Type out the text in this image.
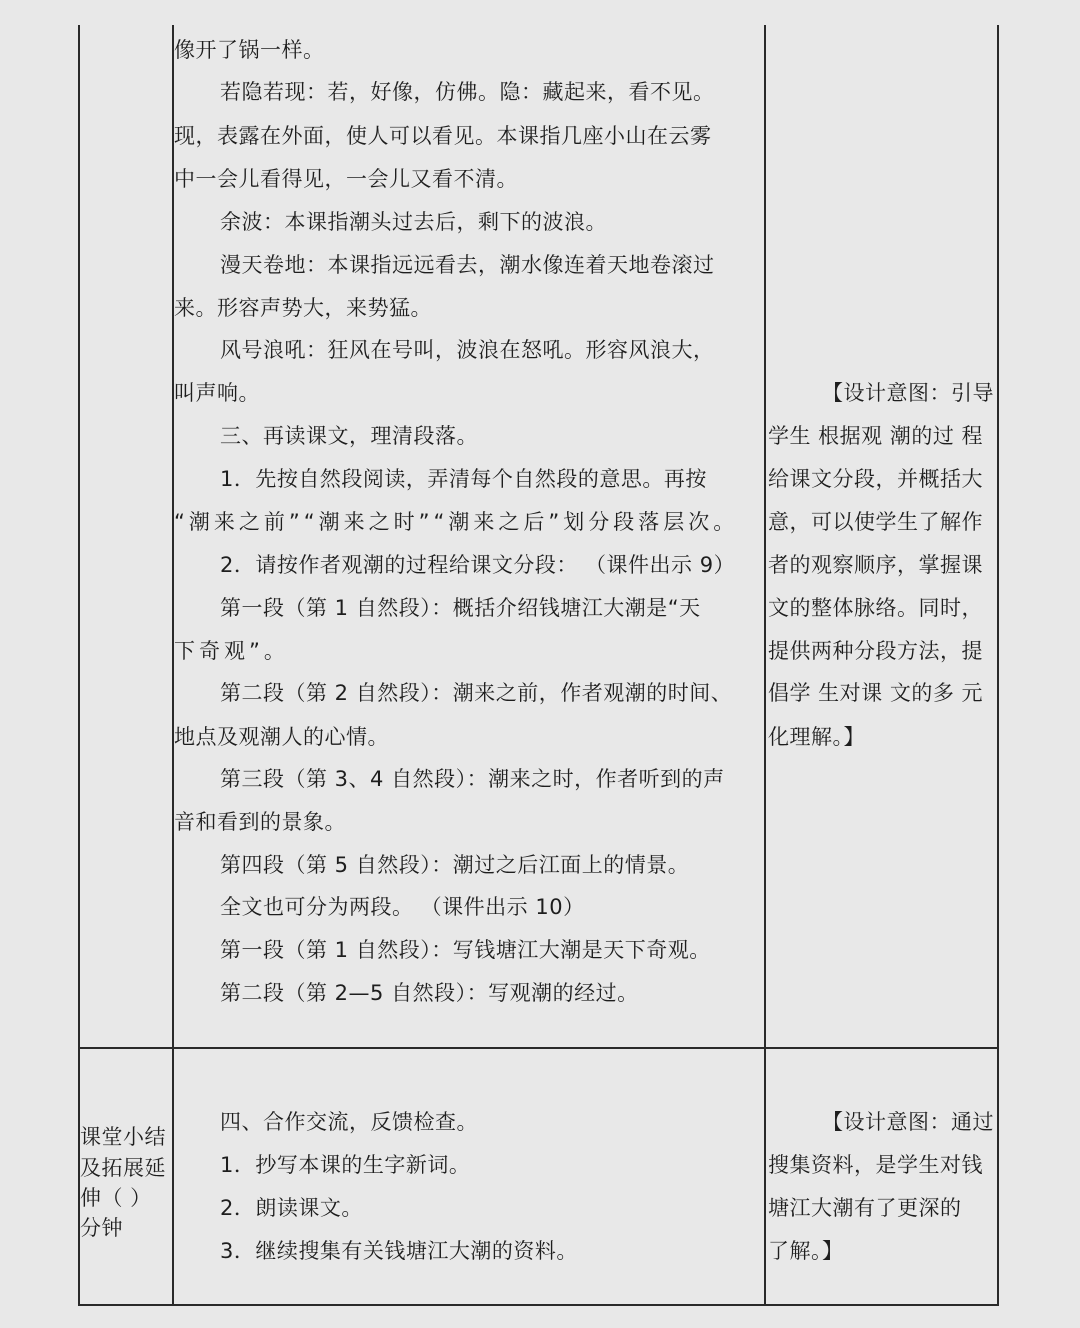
像开了锅一样。
若隐若现：若，好像，仿佛。隐：藏起来，看不见。
现，表露在外面，使人可以看见。本课指几座小山在云雾
中一会儿看得见，一会儿又看不清。
余波：本课指潮头过去后，剩下的波浪。
漫天卷地：本课指远远看去，潮水像连着天地卷滚过
来。形容声势大，来势猛。
风号浪吼：狂风在号叫，波浪在怒吼。形容风浪大，
叫声响。
三、再读课文，理清段落。
1．先按自然段阅读，弄清每个自然段的意思。再按
“潮来之前”“潮来之时”“潮来之后”划分段落层次。
2．请按作者观潮的过程给课文分段： （课件出示 9）
第一段（第 1 自然段）：概括介绍钱塘江大潮是“天
下奇观”。
第二段（第 2 自然段）：潮来之前，作者观潮的时间、
地点及观潮人的心情。
第三段（第 3、4 自然段）：潮来之时，作者听到的声
音和看到的景象。
第四段（第 5 自然段）：潮过之后江面上的情景。
全文也可分为两段。 （课件出示 10）
第一段（第 1 自然段）：写钱塘江大潮是天下奇观。
第二段（第 2—5 自然段）：写观潮的经过。
【设计意图：引导
学生 根据观 潮的过 程
给课文分段，并概括大
意，可以使学生了解作
者的观察顺序，掌握课
文的整体脉络。同时，
提供两种分段方法，提
倡学 生对课 文的多 元
化理解。】
课堂小结
及拓展延
伸（ ）
分钟
四、合作交流，反馈检查。
1．抄写本课的生字新词。
2．朗读课文。
3．继续搜集有关钱塘江大潮的资料。
【设计意图：通过
搜集资料，是学生对钱
塘江大潮有了更深的
了解。】
